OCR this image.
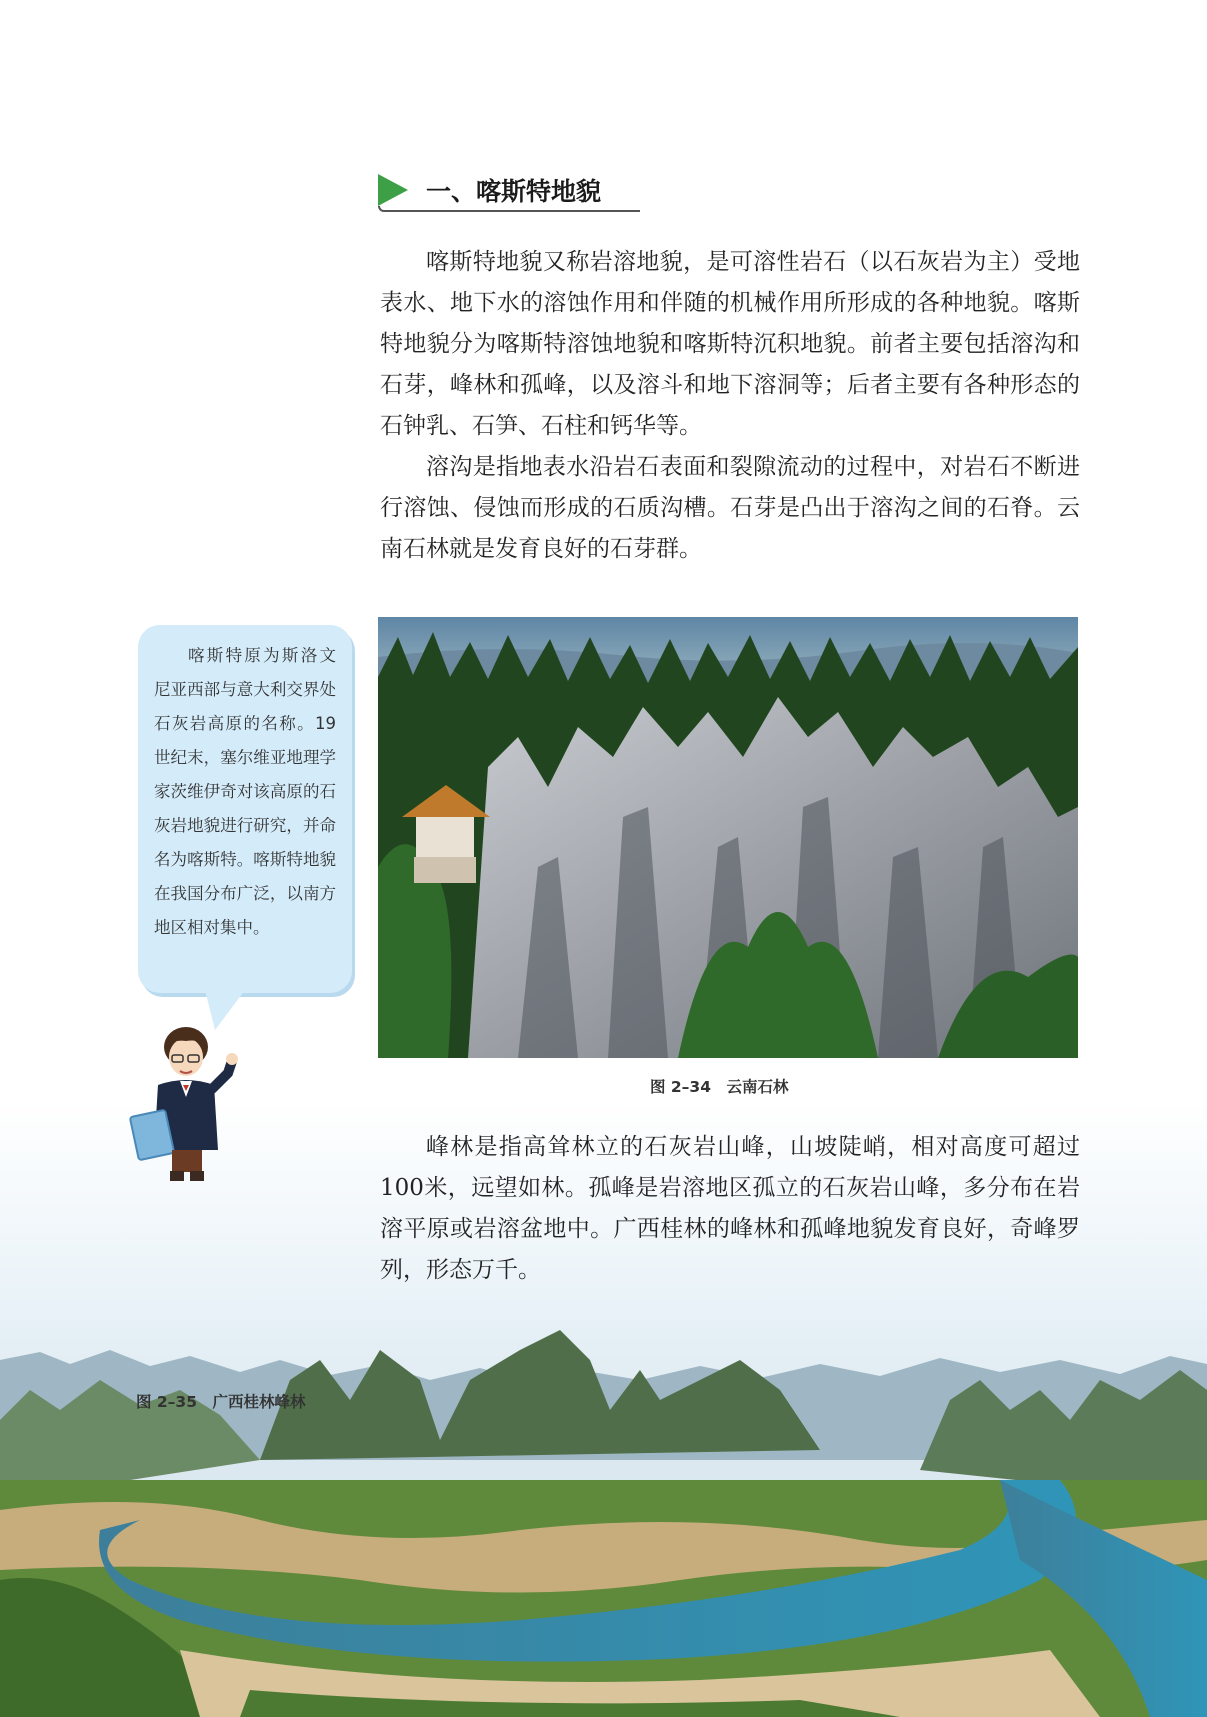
一、喀斯特地貌

喀斯特地貌又称岩溶地貌，是可溶性岩石（以石灰岩为主）受地表水、地下水的溶蚀作用和伴随的机械作用所形成的各种地貌。喀斯特地貌分为喀斯特溶蚀地貌和喀斯特沉积地貌。前者主要包括溶沟和石芽，峰林和孤峰，以及溶斗和地下溶洞等；后者主要有各种形态的石钟乳、石笋、石柱和钙华等。

溶沟是指地表水沿岩石表面和裂隙流动的过程中，对岩石不断进行溶蚀、侵蚀而形成的石质沟槽。石芽是凸出于溶沟之间的石脊。云南石林就是发育良好的石芽群。

喀斯特原为斯洛文尼亚西部与意大利交界处石灰岩高原的名称。19世纪末，塞尔维亚地理学家茨维伊奇对该高原的石灰岩地貌进行研究，并命名为喀斯特。喀斯特地貌在我国分布广泛，以南方地区相对集中。

图 2–34　云南石林

峰林是指高耸林立的石灰岩山峰，山坡陡峭，相对高度可超过100米，远望如林。孤峰是岩溶地区孤立的石灰岩山峰，多分布在岩溶平原或岩溶盆地中。广西桂林的峰林和孤峰地貌发育良好，奇峰罗列，形态万千。

图 2–35　广西桂林峰林
